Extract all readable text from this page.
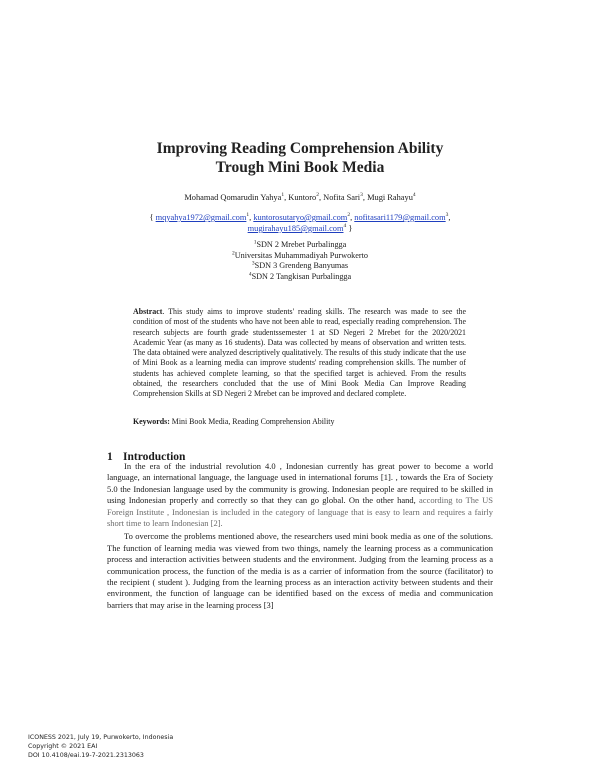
Improving Reading Comprehension Ability
Trough Mini Book Media
Mohamad Qomarudin Yahya$^1$, Kuntoro$^2$, Nofita Sari$^3$, Mugi Rahayu$^4$
{ mqyahya1972@gmail.com$^1$, kuntorosutaryo@gmail.com$^2$, nofitasari1179@gmail.com$^3$,
mugirahayu185@gmail.com$^4$ }
$^1$SDN 2 Mrebet Purbalingga
$^2$Universitas Muhammadiyah Purwokerto
$^3$SDN 3 Grendeng Banyumas
$^4$SDN 2 Tangkisan Purbalingga
Abstract. This study aims to improve students' reading skills. The research was made to see the condition of most of the students who have not been able to read, especially reading comprehension. The research subjects are fourth grade studentssemester 1 at SD Negeri 2 Mrebet for the 2020/2021 Academic Year (as many as 16 students). Data was collected by means of observation and written tests. The data obtained were analyzed descriptively qualitatively. The results of this study indicate that the use of Mini Book as a learning media can improve students' reading comprehension skills. The number of students has achieved complete learning, so that the specified target is achieved. From the results obtained, the researchers concluded that the use of Mini Book Media Can Improve Reading Comprehension Skills at SD Negeri 2 Mrebet can be improved and declared complete.
Keywords: Mini Book Media, Reading Comprehension Ability
1 Introduction

In the era of the industrial revolution 4.0 , Indonesian currently has great power to become a world language, an international language, the language used in international forums [1]. , towards the Era of Society 5.0 the Indonesian language used by the community is growing. Indonesian people are required to be skilled in using Indonesian properly and correctly so that they can go global. On the other hand, according to The US Foreign Institute , Indonesian is included in the category of language that is easy to learn and requires a fairly short time to learn Indonesian [2].

To overcome the problems mentioned above, the researchers used mini book media as one of the solutions. The function of learning media was viewed from two things, namely the learning process as a communication process and interaction activities between students and the environment. Judging from the learning process as a communication process, the function of the media is as a carrier of information from the source (facilitator) to the recipient ( student ). Judging from the learning process as an interaction activity between students and their environment, the function of language can be identified based on the excess of media and communication barriers that may arise in the learning process [3]

ICONESS 2021, July 19, Purwokerto, Indonesia
Copyright © 2021 EAI
DOI 10.4108/eai.19-7-2021.2313063
